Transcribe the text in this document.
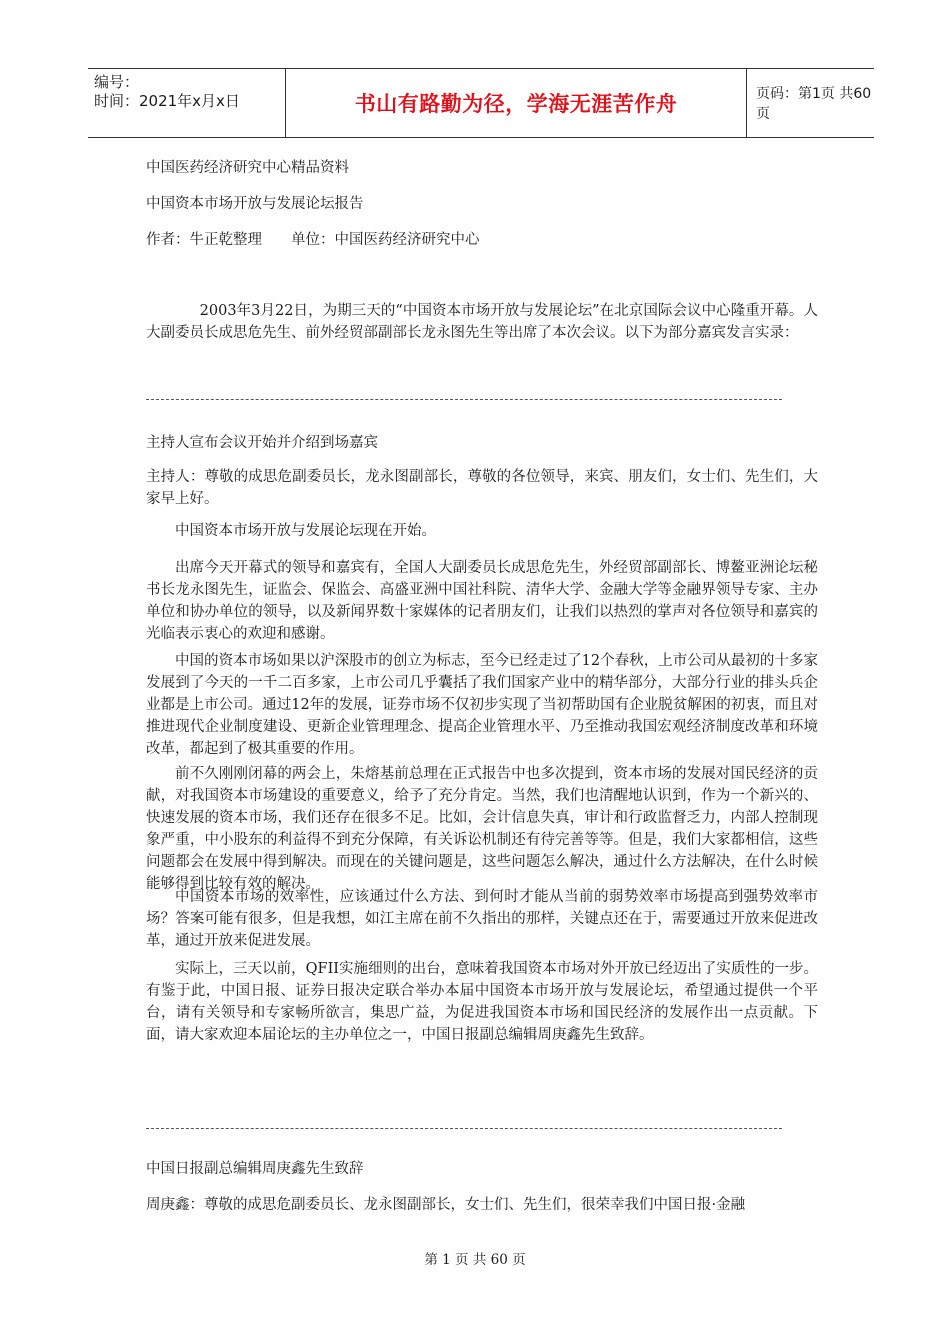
编号：
时间：2021年x月x日	书山有路勤为径，学海无涯苦作舟	页码：第1页 共60页
中国医药经济研究中心精品资料
中国资本市场开放与发展论坛报告
作者：牛正乾整理　　单位：中国医药经济研究中心

2003年3月22日，为期三天的“中国资本市场开放与发展论坛”在北京国际会议中心隆重开幕。人大副委员长成思危先生、前外经贸部副部长龙永图先生等出席了本次会议。以下为部分嘉宾发言实录：

主持人宣布会议开始并介绍到场嘉宾

主持人：尊敬的成思危副委员长，龙永图副部长，尊敬的各位领导，来宾、朋友们，女士们、先生们，大家早上好。

中国资本市场开放与发展论坛现在开始。

出席今天开幕式的领导和嘉宾有，全国人大副委员长成思危先生，外经贸部副部长、博鳌亚洲论坛秘书长龙永图先生，证监会、保监会、高盛亚洲中国社科院、清华大学、金融大学等金融界领导专家、主办单位和协办单位的领导，以及新闻界数十家媒体的记者朋友们，让我们以热烈的掌声对各位领导和嘉宾的光临表示衷心的欢迎和感谢。

中国的资本市场如果以沪深股市的创立为标志，至今已经走过了12个春秋，上市公司从最初的十多家发展到了今天的一千二百多家，上市公司几乎囊括了我们国家产业中的精华部分，大部分行业的排头兵企业都是上市公司。通过12年的发展，证券市场不仅初步实现了当初帮助国有企业脱贫解困的初衷，而且对推进现代企业制度建设、更新企业管理理念、提高企业管理水平、乃至推动我国宏观经济制度改革和环境改革，都起到了极其重要的作用。

前不久刚刚闭幕的两会上，朱熔基前总理在正式报告中也多次提到，资本市场的发展对国民经济的贡献，对我国资本市场建设的重要意义，给予了充分肯定。当然，我们也清醒地认识到，作为一个新兴的、快速发展的资本市场，我们还存在很多不足。比如，会计信息失真，审计和行政监督乏力，内部人控制现象严重，中小股东的利益得不到充分保障，有关诉讼机制还有待完善等等。但是，我们大家都相信，这些问题都会在发展中得到解决。而现在的关键问题是，这些问题怎么解决，通过什么方法解决，在什么时候能够得到比较有效的解决。

中国资本市场的效率性，应该通过什么方法、到何时才能从当前的弱势效率市场提高到强势效率市场？答案可能有很多，但是我想，如江主席在前不久指出的那样，关键点还在于，需要通过开放来促进改革，通过开放来促进发展。

实际上，三天以前，QFII实施细则的出台，意味着我国资本市场对外开放已经迈出了实质性的一步。有鉴于此，中国日报、证券日报决定联合举办本届中国资本市场开放与发展论坛，希望通过提供一个平台，请有关领导和专家畅所欲言，集思广益，为促进我国资本市场和国民经济的发展作出一点贡献。下面，请大家欢迎本届论坛的主办单位之一，中国日报副总编辑周庚鑫先生致辞。

中国日报副总编辑周庚鑫先生致辞

周庚鑫：尊敬的成思危副委员长、龙永图副部长，女士们、先生们，很荣幸我们中国日报·金融

第 1 页 共 60 页
